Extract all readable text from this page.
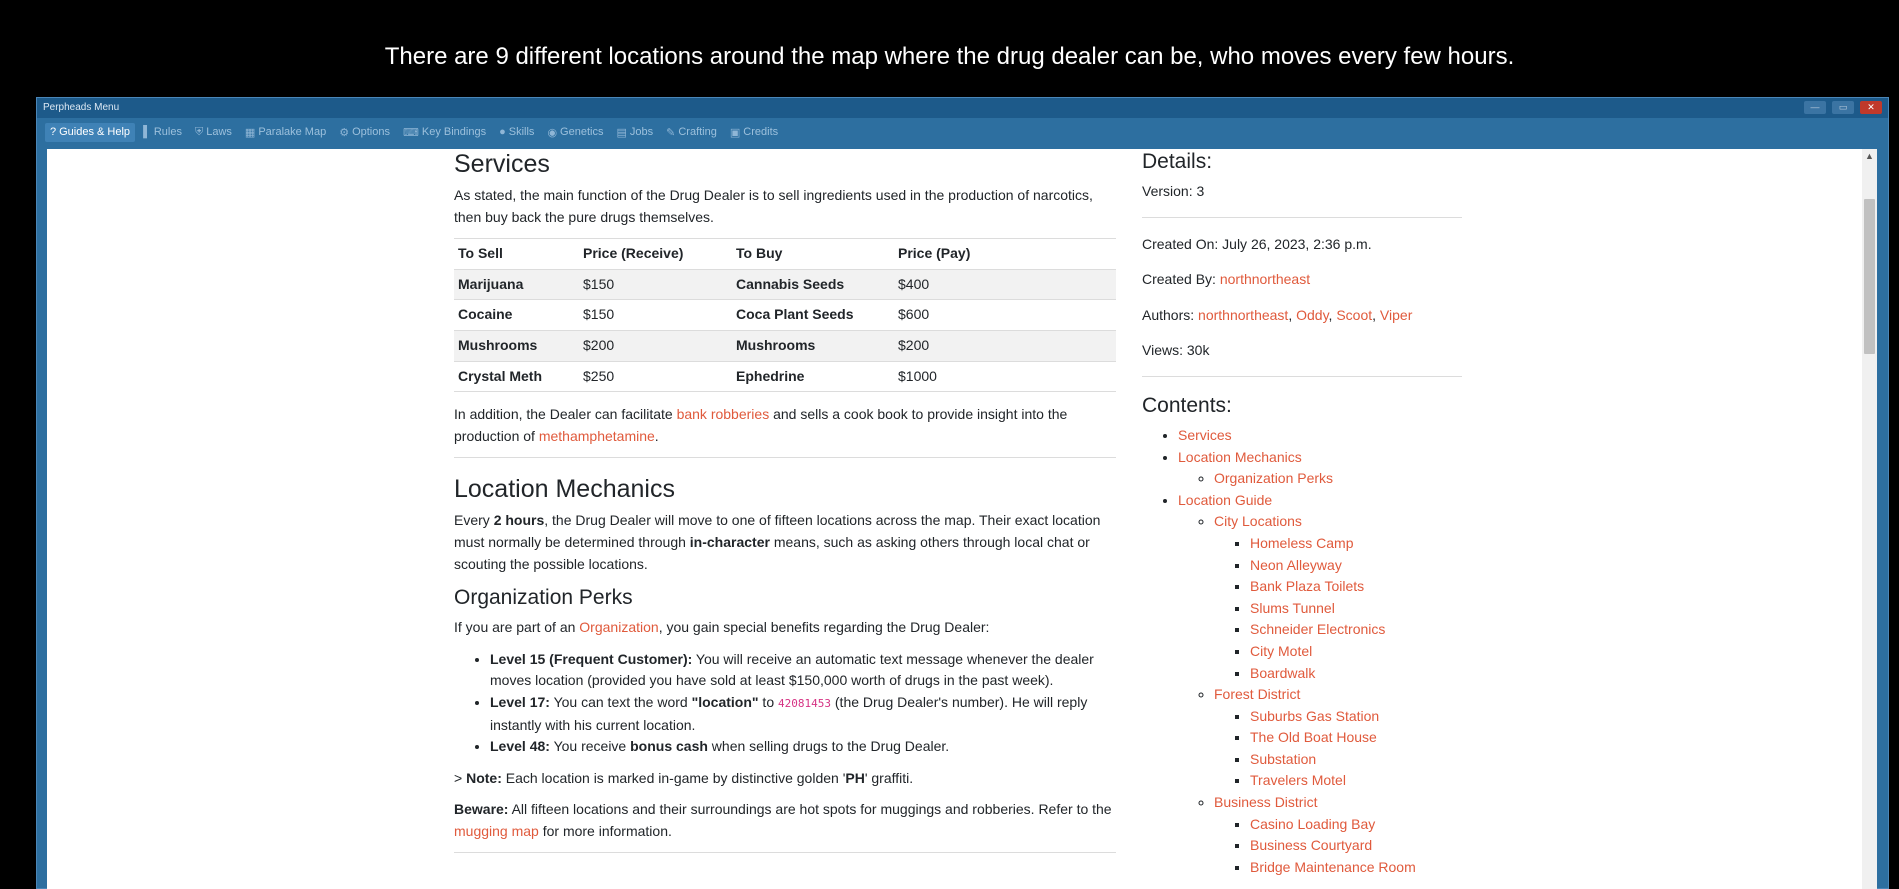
There are 9 different locations around the map where the drug dealer can be, who moves every few hours.
Perpheads Menu	—	▭	✕
? Guides & Help ▌ Rules ⛨ Laws ▦ Paralake Map ⚙ Options ⌨ Key Bindings ● Skills ◉ Genetics ▤ Jobs ✎ Crafting ▣ Credits
Services

As stated, the main function of the Drug Dealer is to sell ingredients used in the production of narcotics, then buy back the pure drugs themselves.

To Sell	Price (Receive)	To Buy	Price (Pay)
Marijuana	$150	Cannabis Seeds	$400
Cocaine	$150	Coca Plant Seeds	$600
Mushrooms	$200	Mushrooms	$200
Crystal Meth	$250	Ephedrine	$1000

In addition, the Dealer can facilitate bank robberies and sells a cook book to provide insight into the production of methamphetamine.

Location Mechanics

Every 2 hours, the Drug Dealer will move to one of fifteen locations across the map. Their exact location must normally be determined through in-character means, such as asking others through local chat or scouting the possible locations.

Organization Perks

If you are part of an Organization, you gain special benefits regarding the Drug Dealer:

• Level 15 (Frequent Customer): You will receive an automatic text message whenever the dealer moves location (provided you have sold at least $150,000 worth of drugs in the past week).
• Level 17: You can text the word "location" to 42081453 (the Drug Dealer's number). He will reply instantly with his current location.
• Level 48: You receive bonus cash when selling drugs to the Drug Dealer.

> Note: Each location is marked in-game by distinctive golden 'PH' graffiti.

Beware: All fifteen locations and their surroundings are hot spots for muggings and robberies. Refer to the mugging map for more information.

Details:

Version: 3

Created On: July 26, 2023, 2:36 p.m.

Created By: northnortheast

Authors: northnortheast, Oddy, Scoot, Viper

Views: 30k

Contents:
• Services
• Location Mechanics
◦ Organization Perks
• Location Guide
◦ City Locations
▪ Homeless Camp
▪ Neon Alleyway
▪ Bank Plaza Toilets
▪ Slums Tunnel
▪ Schneider Electronics
▪ City Motel
▪ Boardwalk
◦ Forest District
▪ Suburbs Gas Station
▪ The Old Boat House
▪ Substation
▪ Travelers Motel
◦ Business District
▪ Casino Loading Bay
▪ Business Courtyard
▪ Bridge Maintenance Room
▲
